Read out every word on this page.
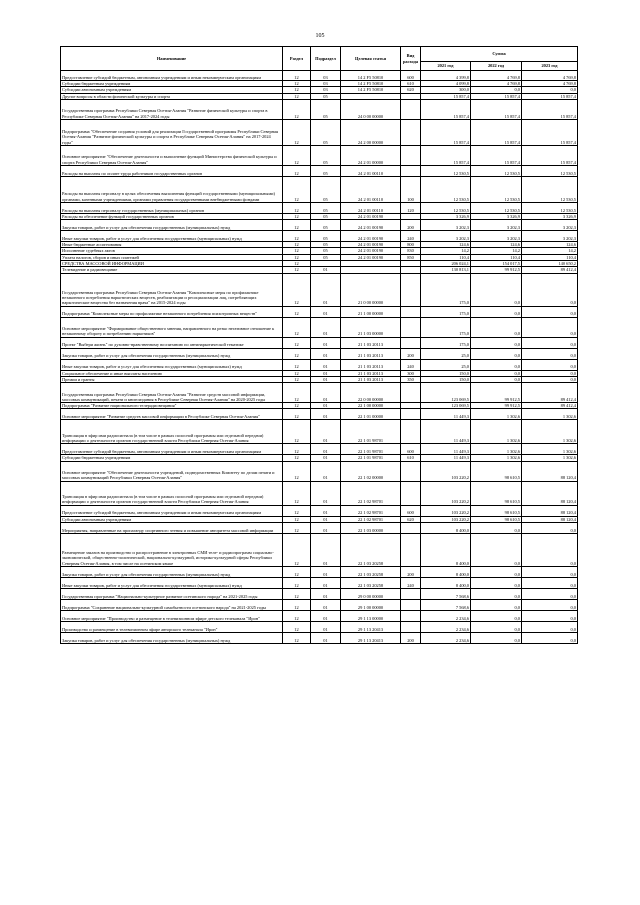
105
Наименование	Раздел	Подраздел	Целевая статья	Вид расхода	Сумма		
					2021 год	2022 год	2023 год
Предоставление субсидий бюджетным, автономным учреждениям и иным некоммерческим организациям	12	03	14 2 F5 50810	600	4 399,8	4 769,8	4 769,8
Субсидии бюджетным учреждениям	12	03	14 2 F5 50810	610	4 099,8	4 769,8	4 769,8
Субсидии автономным учреждениям	12	03	14 2 F5 50810	620	300,0	0,0	0,0
Другие вопросы в области физической культуры и спорта	12	05			15 857,4	15 857,4	15 857,4
Государственная программа Республики Северная Осетия-Алания "Развитие физической культуры и спорта в Республике Северная Осетия-Алания" на 2017-2024 годы	12	05	24 0 00 00000		15 857,4	15 857,4	15 857,4
Подпрограмма "Обеспечение создания условий для реализации Государственной программы Республики Северная Осетия-Алания "Развитие физической культуры и спорта в Республике Северная Осетия-Алания" на 2017-2024 годы"	12	05	24 2 00 00000		15 857,4	15 857,4	15 857,4
Основное мероприятие "Обеспечение деятельности и выполнение функций Министерства физической культуры и спорта Республики Северная Осетия-Алания"	12	05	24 2 01 00000		15 857,4	15 857,4	15 857,4
Расходы на выплаты по оплате труда работников государственных органов	12	05	24 2 01 00110		12 530,5	12 530,5	12 530,5
Расходы на выплаты персоналу в целях обеспечения выполнения функций государственными (муниципальными) органами, казенными учреждениями, органами управления государственными внебюджетными фондами	12	05	24 2 01 00110	100	12 530,5	12 530,5	12 530,5
Расходы на выплаты персоналу государственных (муниципальных) органов	12	05	24 2 01 00110	120	12 530,5	12 530,5	12 530,5
Расходы на обеспечение функций государственных органов	12	05	24 2 01 00190		3 326,9	3 326,9	3 326,9
Закупка товаров, работ и услуг для обеспечения государственных (муниципальных) нужд	12	05	24 2 01 00190	200	3 202,3	3 202,3	3 202,3
Иные закупки товаров, работ и услуг для обеспечения государственных (муниципальных) нужд	12	05	24 2 01 00190	240	3 202,3	3 202,3	3 202,3
Иные бюджетные ассигнования	12	05	24 2 01 00190	800	124,6	124,6	124,6
Исполнение судебных актов	12	05	24 2 01 00190	830	14,2	14,2	14,2
Уплата налогов, сборов и иных платежей	12	05	24 2 01 00190	850	110,4	110,4	110,4
СРЕДСТВА МАССОВОЙ ИНФОРМАЦИИ	12				206 024,1	154 017,5	140 650,2
Телевидение и радиовещание	12	01			130 813,1	99 912,5	89 412,4
Государственная программа Республики Северная Осетия-Алания "Комплексные меры по профилактике незаконного потребления наркотических веществ, реабилитации и ресоциализации лиц, потребляющих наркотические вещества без назначения врача" на 2015-2024 годы	12	01	21 0 00 00000		175,0	0,0	0,0
Подпрограмма "Комплексные меры по профилактике незаконного потребления психотропных веществ"	12	01	21 1 00 00000		175,0	0,0	0,0
Основное мероприятие "Формирование общественного мнения, направленного на резко негативное отношение к незаконному обороту и потреблению наркотиков"	12	01	21 1 03 00000		175,0	0,0	0,0
Проект "Выбери жизнь" по духовно-нравственному воспитанию по антинаркотической тематике	12	01	21 1 03 20113		175,0	0,0	0,0
Закупка товаров, работ и услуг для обеспечения государственных (муниципальных) нужд	12	01	21 1 03 20113	200	25,0	0,0	0,0
Иные закупки товаров, работ и услуг для обеспечения государственных (муниципальных) нужд	12	01	21 1 03 20113	240	25,0	0,0	0,0
Социальное обеспечение и иные выплаты населению	12	01	21 1 03 20113	300	150,0	0,0	0,0
Премии и гранты	12	01	21 1 03 20113	350	150,0	0,0	0,0
Государственная программа Республики Северная Осетия-Алания "Развитие средств массовой информации, массовых коммуникаций, печати и книгоиздания в Республике Северная Осетия-Алания" на 2020-2025 годы	12	01	22 0 00 00000		123 069,5	99 912,5	89 412,4
Подпрограмма "Развитие национального телерадиовещания"	12	01	22 1 00 00000		123 069,5	99 912,5	89 412,4
Основное мероприятие "Развитие средств массовой информации в Республике Северная Осетия-Алания"	12	01	22 1 01 00000		11 449,3	1 302,6	1 302,6
Трансляция в эфир ими радиосигнала (в том числе в рамках полосной программы или отдельной передачи) информации о деятельности органов государственной власти Республики Северная Осетия-Алания	12	01	22 1 01 98701		11 449,3	1 302,6	1 302,6
Предоставление субсидий бюджетным, автономным учреждениям и иным некоммерческим организациям	12	01	22 1 01 98701	600	11 449,3	1 302,6	1 302,6
Субсидии бюджетным учреждениям	12	01	22 1 01 98701	610	11 449,3	1 302,6	1 302,6
Основное мероприятие "Обеспечение деятельности учреждений, подведомственных Комитету по делам печати и массовых коммуникаций Республики Северная Осетия-Алания"	12	01	22 1 02 00000		103 220,2	98 610,5	88 120,4
Трансляция в эфир ими радиосигнала (в том числе в рамках полосной программы или отдельной передачи) информации о деятельности органов государственной власти Республики Северная Осетия-Алания	12	01	22 1 02 98701		103 220,2	98 610,5	88 120,4
Предоставление субсидий бюджетным, автономным учреждениям и иным некоммерческим организациям	12	01	22 1 02 98701	600	103 220,2	98 610,5	88 120,4
Субсидии автономным учреждениям	12	01	22 1 02 98701	620	103 220,2	98 610,5	88 120,4
Мероприятия, направленные на пропаганду спортивного чтения и повышение авторитета массовой информации	12	01	22 1 03 00000		8 400,0	0,0	0,0
Размещение заказов на производство и распространение в электронных СМИ теле- и радиопрограмм социально-экономической, общественно-политической, национально-культурной, историко-культурной сферы Республики Северная Осетия-Алания, в том числе на осетинском языке	12	01	22 1 03 20258		8 400,0	0,0	0,0
Закупка товаров, работ и услуг для обеспечения государственных (муниципальных) нужд	12	01	22 1 03 20258	200	8 400,0	0,0	0,0
Иные закупки товаров, работ и услуг для обеспечения государственных (муниципальных) нужд	12	01	22 1 03 20258	240	8 400,0	0,0	0,0
Государственная программа "Национально-культурное развитие осетинского народа" на 2021-2025 годы	12	01	29 0 00 00000		7 568,6	0,0	0,0
Подпрограмма "Сохранение национально-культурной самобытности осетинского народа" на 2021-2025 годы	12	01	29 1 00 00000		7 568,6	0,0	0,0
Основное мероприятие "Производство и размещение в телевизионном эфире детского телеканала "Ирон"	12	01	29 1 13 00000		2 234,6	0,0	0,0
Производство и размещение в телевизионном эфире авторского телеканала "Ирон"	12	01	29 1 13 20413		2 234,6	0,0	0,0
Закупка товаров, работ и услуг для обеспечения государственных (муниципальных) нужд	12	01	29 1 13 20413	200	2 234,6	0,0	0,0
